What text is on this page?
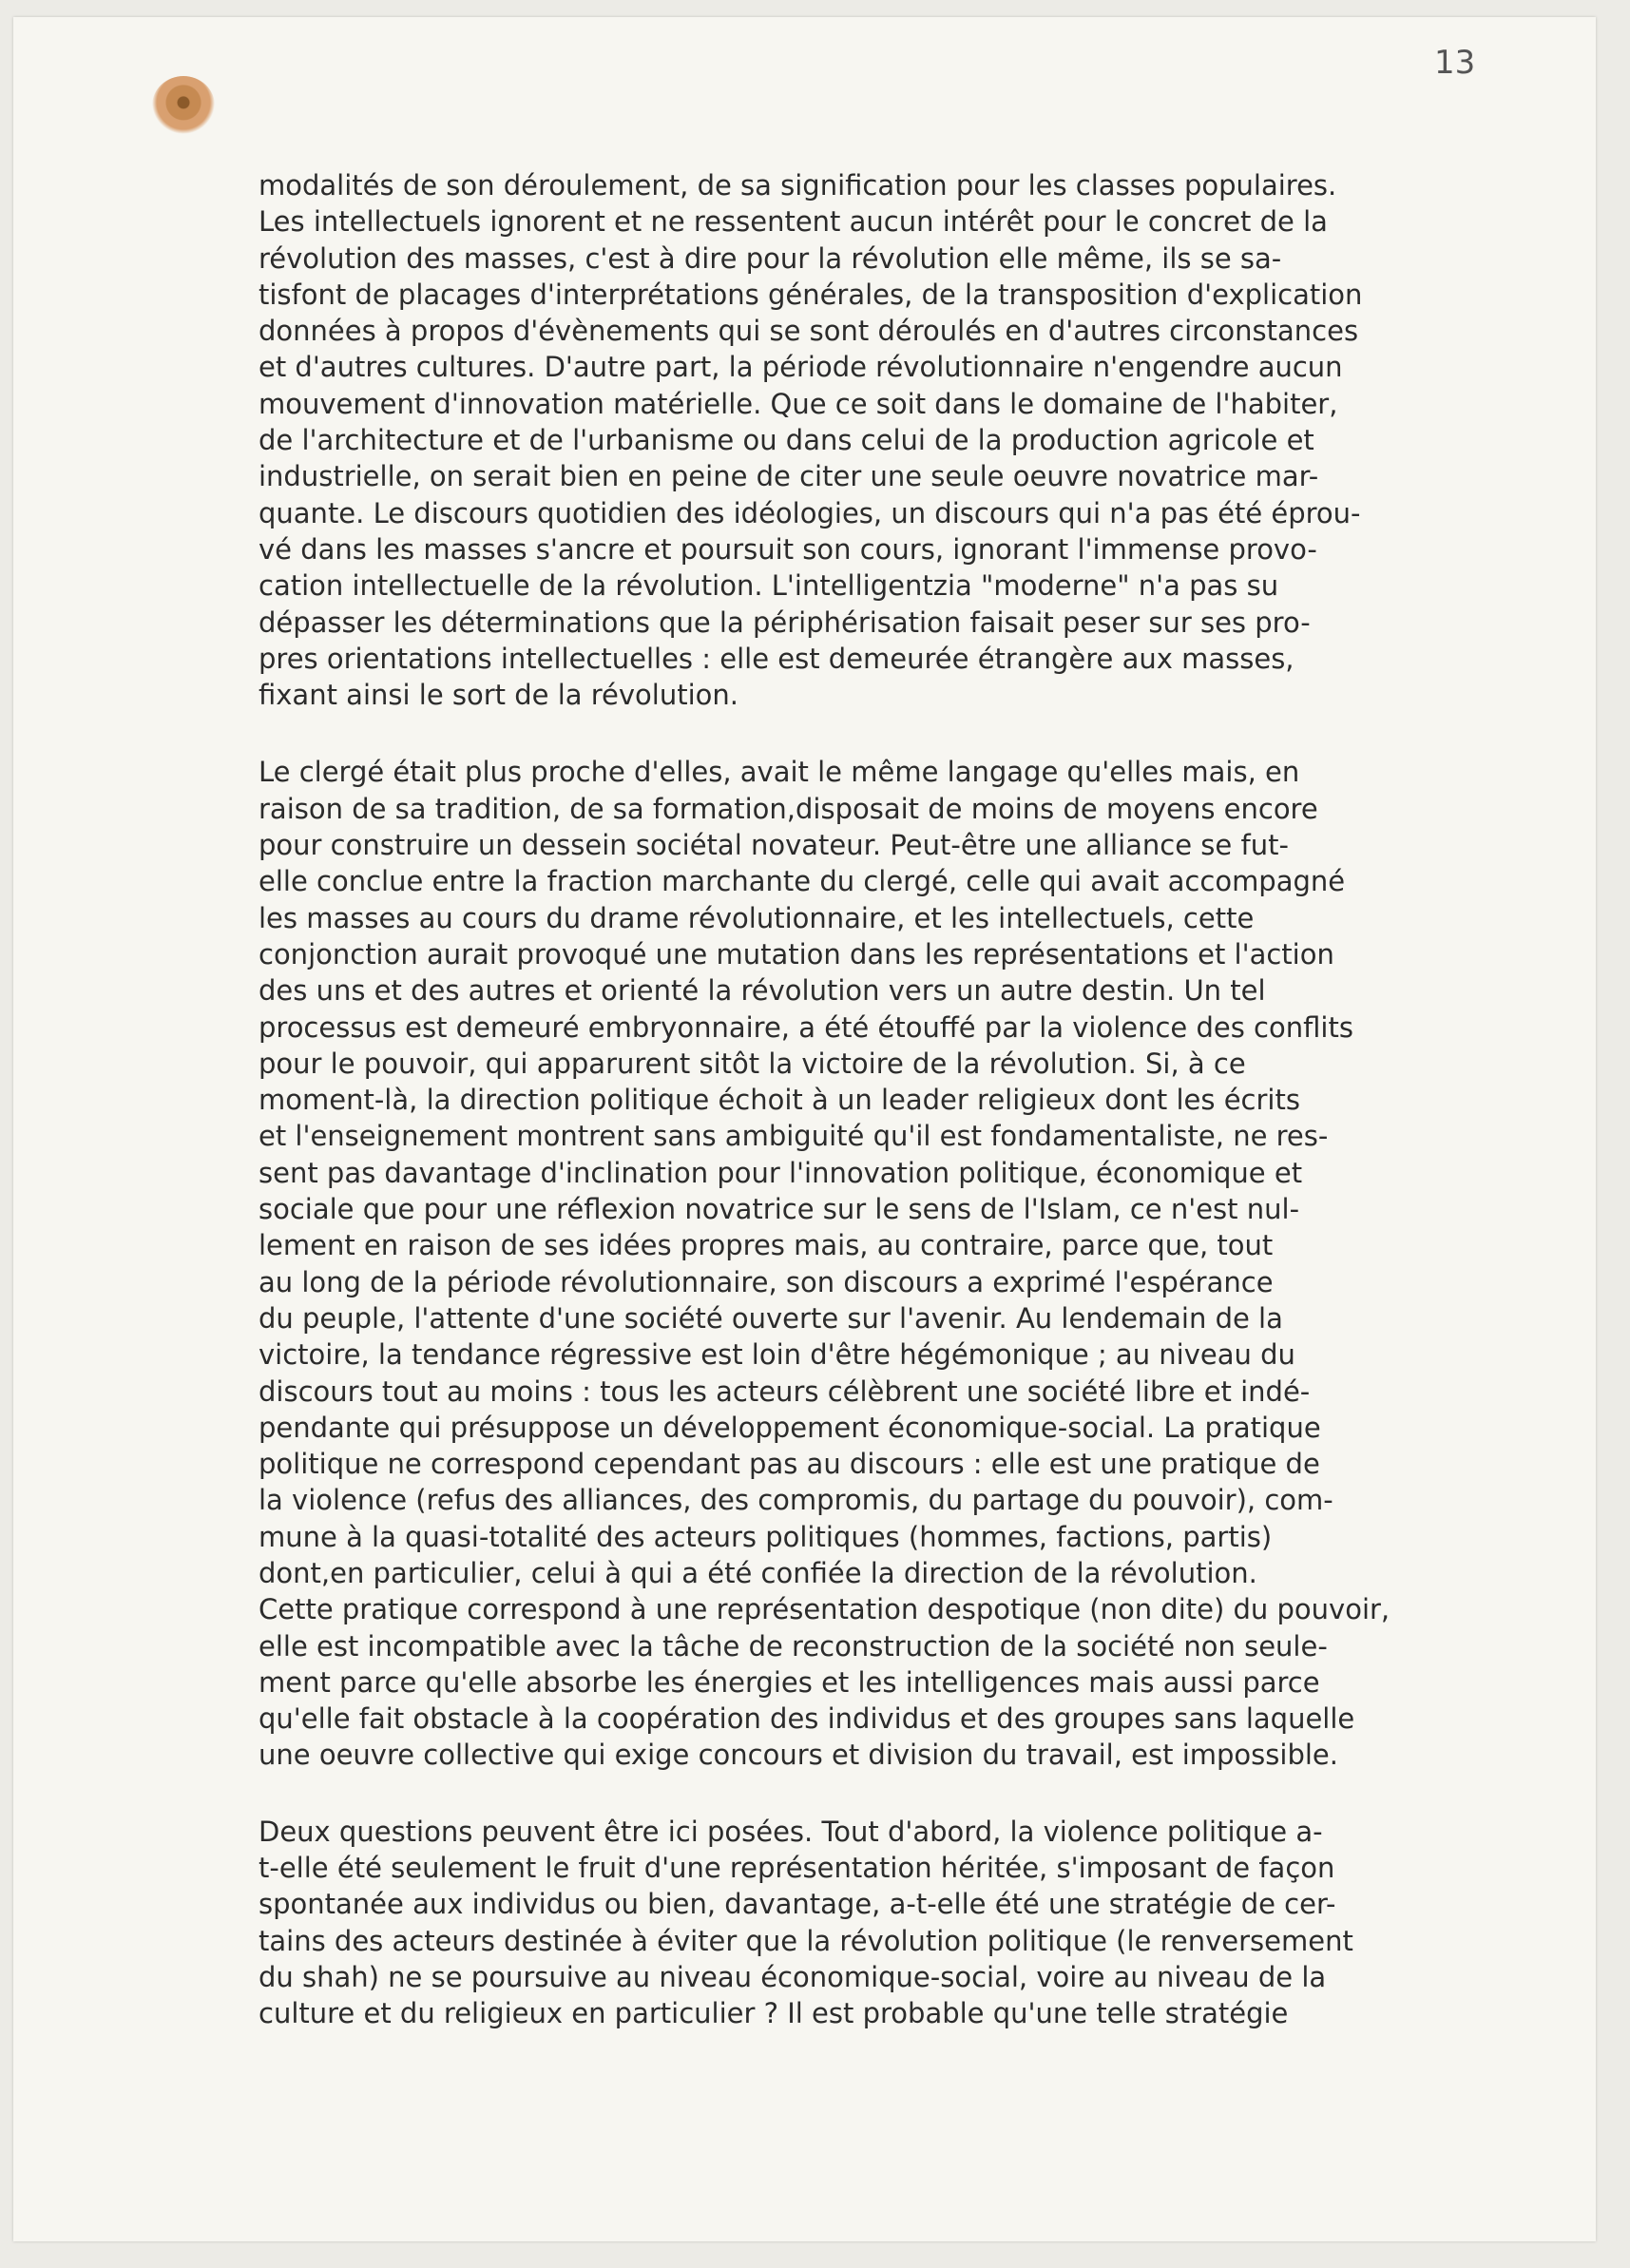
13
modalités de son déroulement, de sa signification pour les classes populaires.
Les intellectuels ignorent et ne ressentent aucun intérêt pour le concret de la
révolution des masses, c'est à dire pour la révolution elle même, ils se sa-
tisfont de placages d'interprétations générales, de la transposition d'explication
données à propos d'évènements qui se sont déroulés en d'autres circonstances
et d'autres cultures. D'autre part, la période révolutionnaire n'engendre aucun
mouvement d'innovation matérielle. Que ce soit dans le domaine de l'habiter,
de l'architecture et de l'urbanisme ou dans celui de la production agricole et
industrielle, on serait bien en peine de citer une seule oeuvre novatrice mar-
quante. Le discours quotidien des idéologies, un discours qui n'a pas été éprou-
vé dans les masses s'ancre et poursuit son cours, ignorant l'immense provo-
cation intellectuelle de la révolution. L'intelligentzia "moderne" n'a pas su
dépasser les déterminations que la périphérisation faisait peser sur ses pro-
pres orientations intellectuelles : elle est demeurée étrangère aux masses,
fixant ainsi le sort de la révolution.
Le clergé était plus proche d'elles, avait le même langage qu'elles mais, en
raison de sa tradition, de sa formation,disposait de moins de moyens encore
pour construire un dessein sociétal novateur. Peut-être une alliance se fut-
elle conclue entre la fraction marchante du clergé, celle qui avait accompagné
les masses au cours du drame révolutionnaire, et les intellectuels, cette
conjonction aurait provoqué une mutation dans les représentations et l'action
des uns et des autres et orienté la révolution vers un autre destin. Un tel
processus est demeuré embryonnaire, a été étouffé par la violence des conflits
pour le pouvoir, qui apparurent sitôt la victoire de la révolution. Si, à ce
moment-là, la direction politique échoit à un leader religieux dont les écrits
et l'enseignement montrent sans ambiguité qu'il est fondamentaliste, ne res-
sent pas davantage d'inclination pour l'innovation politique, économique et
sociale que pour une réflexion novatrice sur le sens de l'Islam, ce n'est nul-
lement en raison de ses idées propres mais, au contraire, parce que, tout
au long de la période révolutionnaire, son discours a exprimé l'espérance
du peuple, l'attente d'une société ouverte sur l'avenir. Au lendemain de la
victoire, la tendance régressive est loin d'être hégémonique ; au niveau du
discours tout au moins : tous les acteurs célèbrent une société libre et indé-
pendante qui présuppose un développement économique-social. La pratique
politique ne correspond cependant pas au discours : elle est une pratique de
la violence (refus des alliances, des compromis, du partage du pouvoir), com-
mune à la quasi-totalité des acteurs politiques (hommes, factions, partis)
dont,en particulier, celui à qui a été confiée la direction de la révolution.
Cette pratique correspond à une représentation despotique (non dite) du pouvoir,
elle est incompatible avec la tâche de reconstruction de la société non seule-
ment parce qu'elle absorbe les énergies et les intelligences mais aussi parce
qu'elle fait obstacle à la coopération des individus et des groupes sans laquelle
une oeuvre collective qui exige concours et division du travail, est impossible.
Deux questions peuvent être ici posées. Tout d'abord, la violence politique a-
t-elle été seulement le fruit d'une représentation héritée, s'imposant de façon
spontanée aux individus ou bien, davantage, a-t-elle été une stratégie de cer-
tains des acteurs destinée à éviter que la révolution politique (le renversement
du shah) ne se poursuive au niveau économique-social, voire au niveau de la
culture et du religieux en particulier ? Il est probable qu'une telle stratégie
